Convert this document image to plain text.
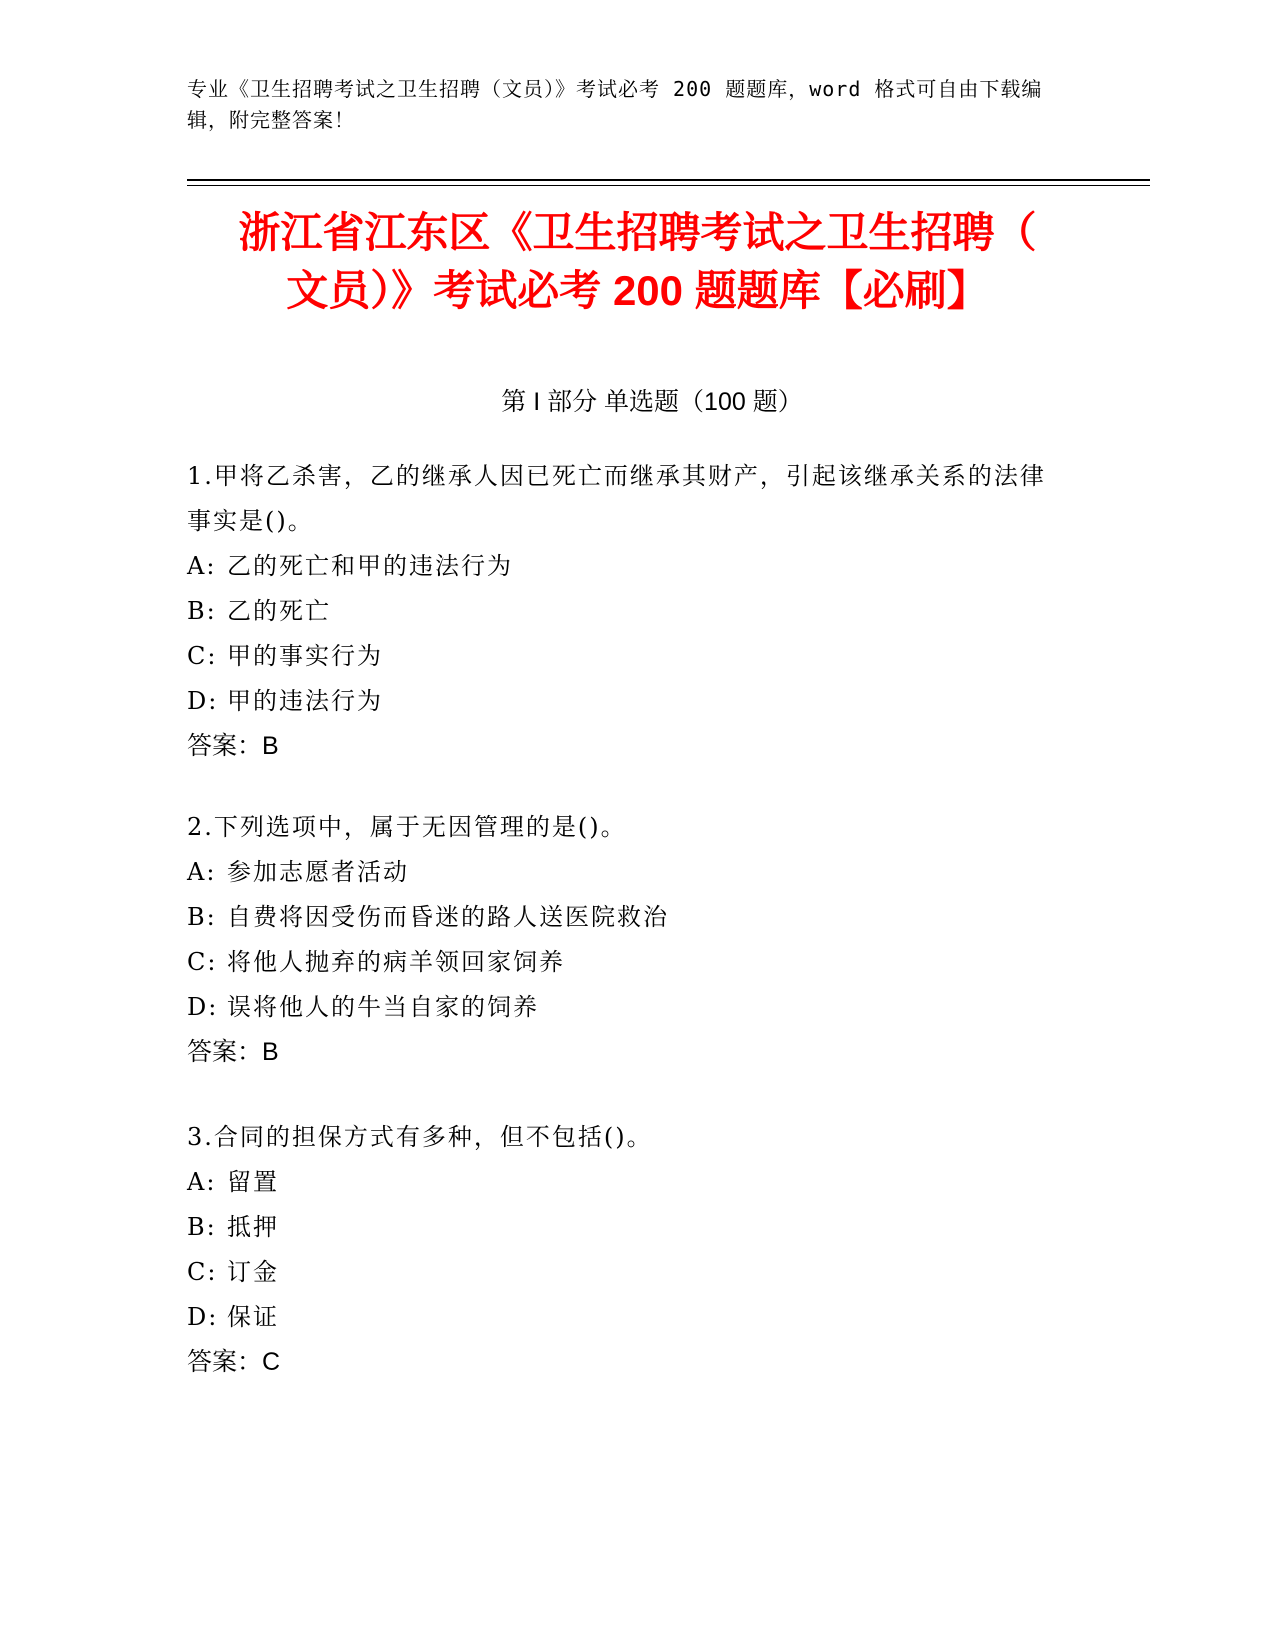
专业《卫生招聘考试之卫生招聘（文员）》考试必考 200 题题库，word 格式可自由下载编辑，附完整答案！
浙江省江东区《卫生招聘考试之卫生招聘（
文员）》考试必考 200 题题库【必刷】
第 I 部分 单选题（100 题）
1.甲将乙杀害，乙的继承人因已死亡而继承其财产，引起该继承关系的法律事实是()。
A: 乙的死亡和甲的违法行为
B: 乙的死亡
C: 甲的事实行为
D: 甲的违法行为
答案：B
2.下列选项中，属于无因管理的是()。
A: 参加志愿者活动
B: 自费将因受伤而昏迷的路人送医院救治
C: 将他人抛弃的病羊领回家饲养
D: 误将他人的牛当自家的饲养
答案：B
3.合同的担保方式有多种，但不包括()。
A: 留置
B: 抵押
C: 订金
D: 保证
答案：C
